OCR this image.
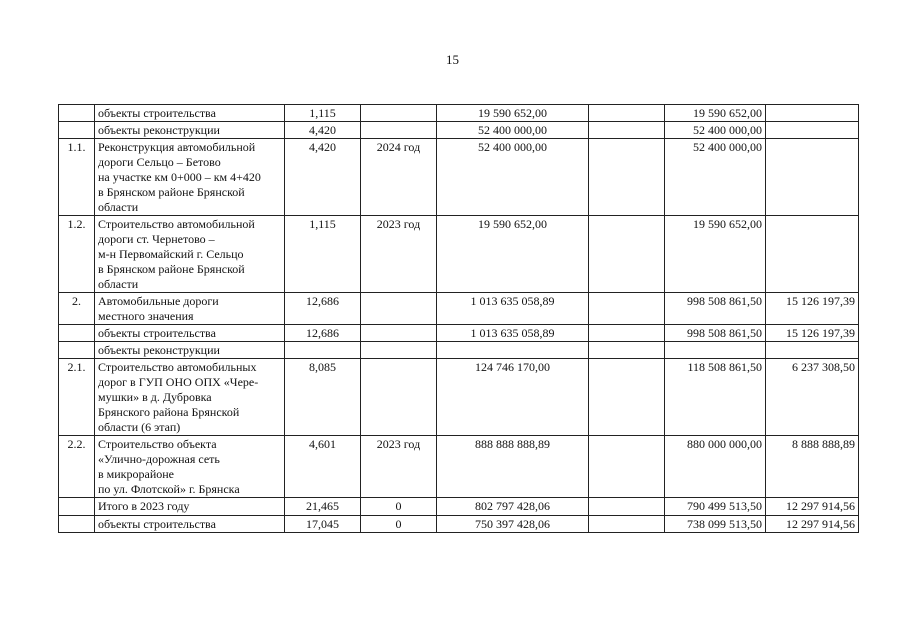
15
	объекты строительства	1,115		19 590 652,00		19 590 652,00	
	объекты реконструкции	4,420		52 400 000,00		52 400 000,00	
1.1.	Реконструкция автомобильной
дороги Сельцо – Бетово
на участке км 0+000 – км 4+420
в Брянском районе Брянской
области	4,420	2024 год	52 400 000,00		52 400 000,00	
1.2.	Строительство автомобильной
дороги ст. Чернетово –
м-н Первомайский г. Сельцо
в Брянском районе Брянской
области	1,115	2023 год	19 590 652,00		19 590 652,00	
2.	Автомобильные дороги
местного значения	12,686		1 013 635 058,89		998 508 861,50	15 126 197,39
	объекты строительства	12,686		1 013 635 058,89		998 508 861,50	15 126 197,39
	объекты реконструкции						
2.1.	Строительство автомобильных
дорог в ГУП ОНО ОПХ «Чере-
мушки» в д. Дубровка
Брянского района Брянской
области (6 этап)	8,085		124 746 170,00		118 508 861,50	6 237 308,50
2.2.	Строительство объекта
«Улично-дорожная сеть
в микрорайоне
по ул. Флотской» г. Брянска	4,601	2023 год	888 888 888,89		880 000 000,00	8 888 888,89
	Итого в 2023 году	21,465	0	802 797 428,06		790 499 513,50	12 297 914,56
	объекты строительства	17,045	0	750 397 428,06		738 099 513,50	12 297 914,56
